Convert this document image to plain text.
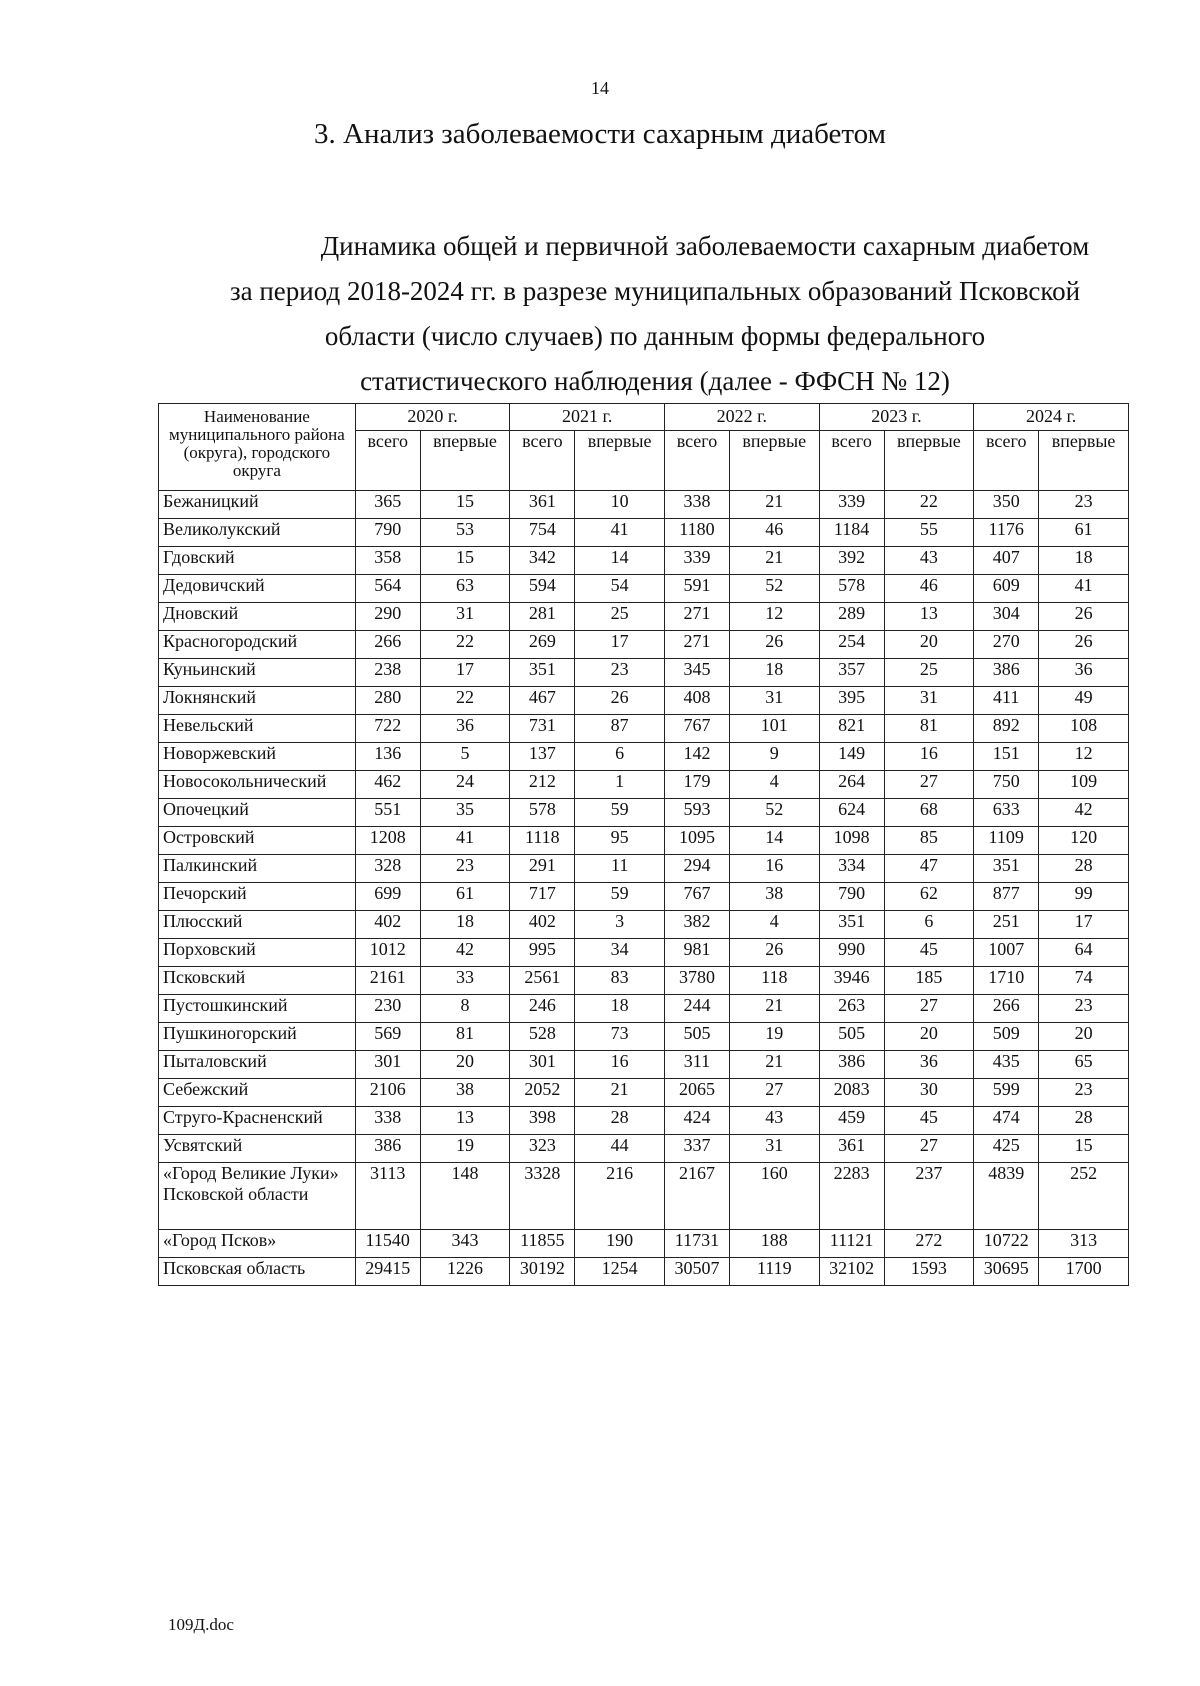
14
3. Анализ заболеваемости сахарным диабетом
Динамика общей и первичной заболеваемости сахарным диабетом
за период 2018-2024 гг. в разрезе муниципальных образований Псковской
области (число случаев) по данным формы федерального
статистического наблюдения (далее - ФФСН № 12)
Наименование муниципального района (округа), городского округа	2020 г.		2021 г.		2022 г.		2023 г.		2024 г.	
	всего	впервые	всего	впервые	всего	впервые	всего	впервые	всего	впервые
Бежаницкий	365	15	361	10	338	21	339	22	350	23
Великолукский	790	53	754	41	1180	46	1184	55	1176	61
Гдовский	358	15	342	14	339	21	392	43	407	18
Дедовичский	564	63	594	54	591	52	578	46	609	41
Дновский	290	31	281	25	271	12	289	13	304	26
Красногородский	266	22	269	17	271	26	254	20	270	26
Куньинский	238	17	351	23	345	18	357	25	386	36
Локнянский	280	22	467	26	408	31	395	31	411	49
Невельский	722	36	731	87	767	101	821	81	892	108
Новоржевский	136	5	137	6	142	9	149	16	151	12
Новосокольнический	462	24	212	1	179	4	264	27	750	109
Опочецкий	551	35	578	59	593	52	624	68	633	42
Островский	1208	41	1118	95	1095	14	1098	85	1109	120
Палкинский	328	23	291	11	294	16	334	47	351	28
Печорский	699	61	717	59	767	38	790	62	877	99
Плюсский	402	18	402	3	382	4	351	6	251	17
Порховский	1012	42	995	34	981	26	990	45	1007	64
Псковский	2161	33	2561	83	3780	118	3946	185	1710	74
Пустошкинский	230	8	246	18	244	21	263	27	266	23
Пушкиногорский	569	81	528	73	505	19	505	20	509	20
Пыталовский	301	20	301	16	311	21	386	36	435	65
Себежский	2106	38	2052	21	2065	27	2083	30	599	23
Струго-Красненский	338	13	398	28	424	43	459	45	474	28
Усвятский	386	19	323	44	337	31	361	27	425	15
«Город Великие Луки» Псковской области	3113	148	3328	216	2167	160	2283	237	4839	252
«Город Псков»	11540	343	11855	190	11731	188	11121	272	10722	313
Псковская область	29415	1226	30192	1254	30507	1119	32102	1593	30695	1700
109Д.doc
